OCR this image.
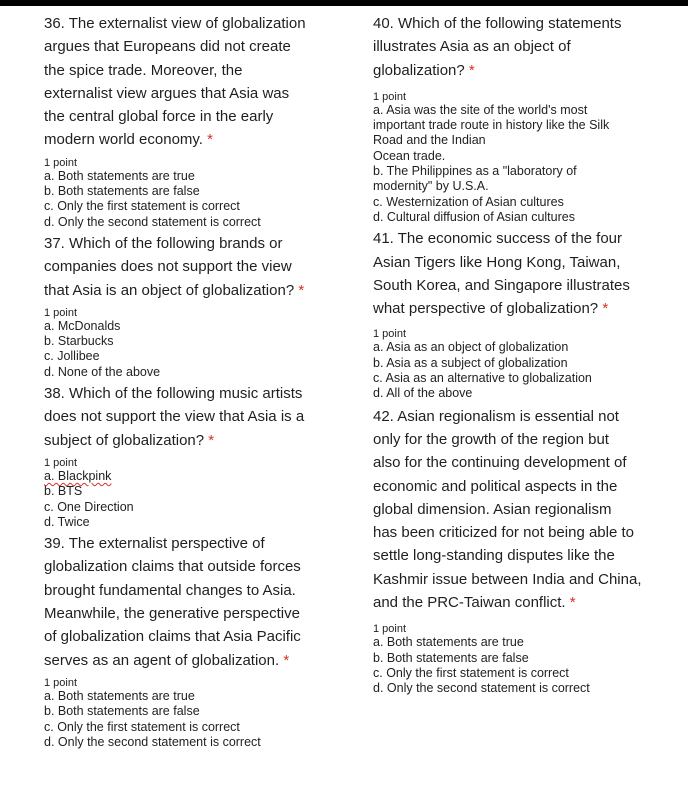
36. The externalist view of globalization
argues that Europeans did not create
the spice trade. Moreover, the
externalist view argues that Asia was
the central global force in the early
modern world economy. *
1 point
a. Both statements are true
b. Both statements are false
c. Only the first statement is correct
d. Only the second statement is correct
37. Which of the following brands or
companies does not support the view
that Asia is an object of globalization? *
1 point
a. McDonalds
b. Starbucks
c. Jollibee
d. None of the above
38. Which of the following music artists
does not support the view that Asia is a
subject of globalization? *
1 point
a. Blackpink
b. BTS
c. One Direction
d. Twice
39. The externalist perspective of
globalization claims that outside forces
brought fundamental changes to Asia.
Meanwhile, the generative perspective
of globalization claims that Asia Pacific
serves as an agent of globalization. *
1 point
a. Both statements are true
b. Both statements are false
c. Only the first statement is correct
d. Only the second statement is correct
40. Which of the following statements
illustrates Asia as an object of
globalization? *
1 point
a. Asia was the site of the world's most
important trade route in history like the Silk
Road and the Indian
Ocean trade.
b. The Philippines as a "laboratory of
modernity" by U.S.A.
c. Westernization of Asian cultures
d. Cultural diffusion of Asian cultures
41. The economic success of the four
Asian Tigers like Hong Kong, Taiwan,
South Korea, and Singapore illustrates
what perspective of globalization? *
1 point
a. Asia as an object of globalization
b. Asia as a subject of globalization
c. Asia as an alternative to globalization
d. All of the above
42. Asian regionalism is essential not
only for the growth of the region but
also for the continuing development of
economic and political aspects in the
global dimension. Asian regionalism
has been criticized for not being able to
settle long-standing disputes like the
Kashmir issue between India and China,
and the PRC-Taiwan conflict. *
1 point
a. Both statements are true
b. Both statements are false
c. Only the first statement is correct
d. Only the second statement is correct
